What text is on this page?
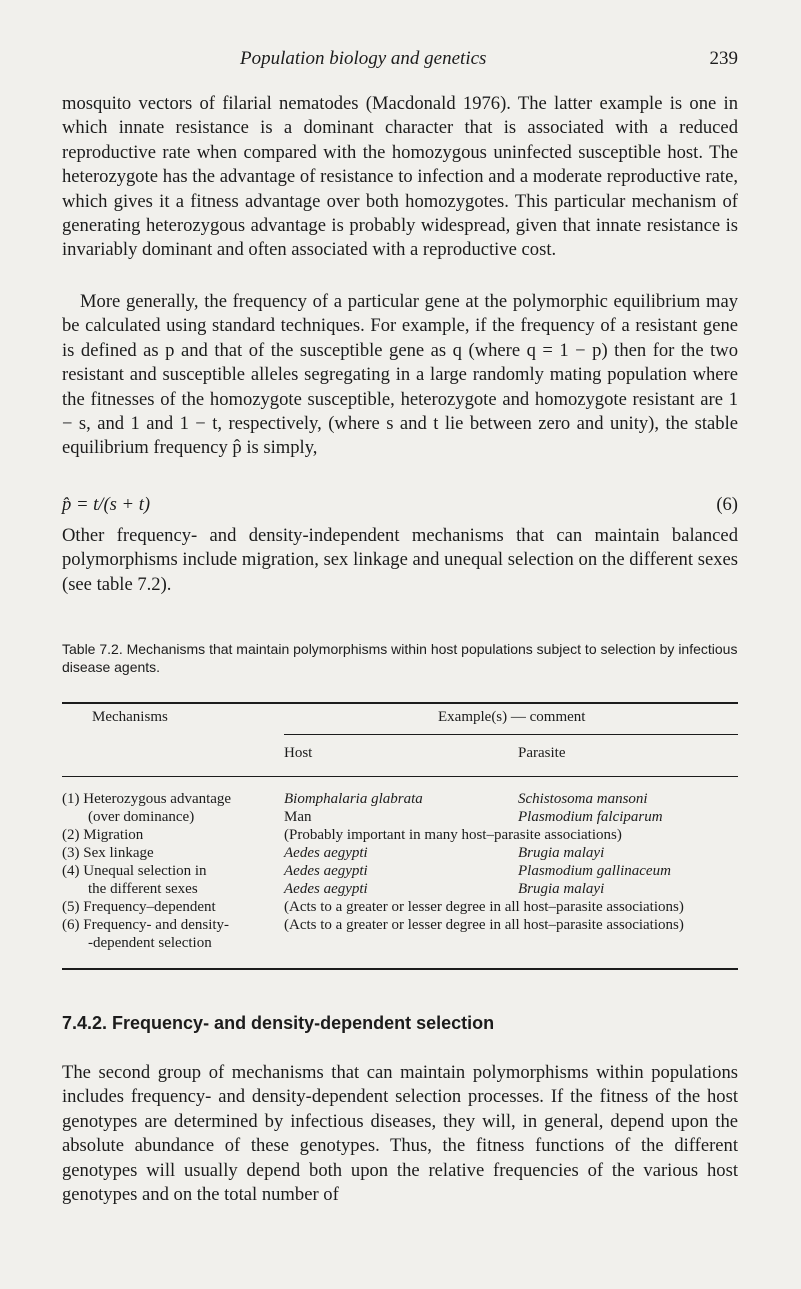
Population biology and genetics	239

mosquito vectors of filarial nematodes (Macdonald 1976). The latter example is one in which innate resistance is a dominant character that is associated with a reduced reproductive rate when compared with the homozygous uninfected susceptible host. The heterozygote has the advantage of resistance to infection and a moderate reproductive rate, which gives it a fitness advantage over both homozygotes. This particular mechanism of generating heterozygous advantage is probably widespread, given that innate resistance is invariably dominant and often associated with a reproductive cost.

More generally, the frequency of a particular gene at the polymorphic equilibrium may be calculated using standard techniques. For example, if the frequency of a resistant gene is defined as p and that of the susceptible gene as q (where q = 1 − p) then for the two resistant and susceptible alleles segregating in a large randomly mating population where the fitnesses of the homozygote susceptible, heterozygote and homozygote resistant are 1 − s, and 1 and 1 − t, respectively, (where s and t lie between zero and unity), the stable equilibrium frequency p̂ is simply,

p̂ = t/(s + t)	(6)

Other frequency- and density-independent mechanisms that can maintain balanced polymorphisms include migration, sex linkage and unequal selection on the different sexes (see table 7.2).

Table 7.2. Mechanisms that maintain polymorphisms within host populations subject to selection by infectious disease agents.
Mechanisms	Example(s) — comment
Host	Parasite
(1) Heterozygous advantage	Biomphalaria glabrata	Schistosoma mansoni
(over dominance)	Man	Plasmodium falciparum
(2) Migration	(Probably important in many host–parasite associations)
(3) Sex linkage	Aedes aegypti	Brugia malayi
(4) Unequal selection in	Aedes aegypti	Plasmodium gallinaceum
the different sexes	Aedes aegypti	Brugia malayi
(5) Frequency–dependent	(Acts to a greater or lesser degree in all host–parasite associations)
(6) Frequency- and density-	(Acts to a greater or lesser degree in all host–parasite associations)
-dependent selection
7.4.2. Frequency- and density-dependent selection

The second group of mechanisms that can maintain polymorphisms within populations includes frequency- and density-dependent selection processes. If the fitness of the host genotypes are determined by infectious diseases, they will, in general, depend upon the absolute abundance of these genotypes. Thus, the fitness functions of the different genotypes will usually depend both upon the relative frequencies of the various host genotypes and on the total number of
